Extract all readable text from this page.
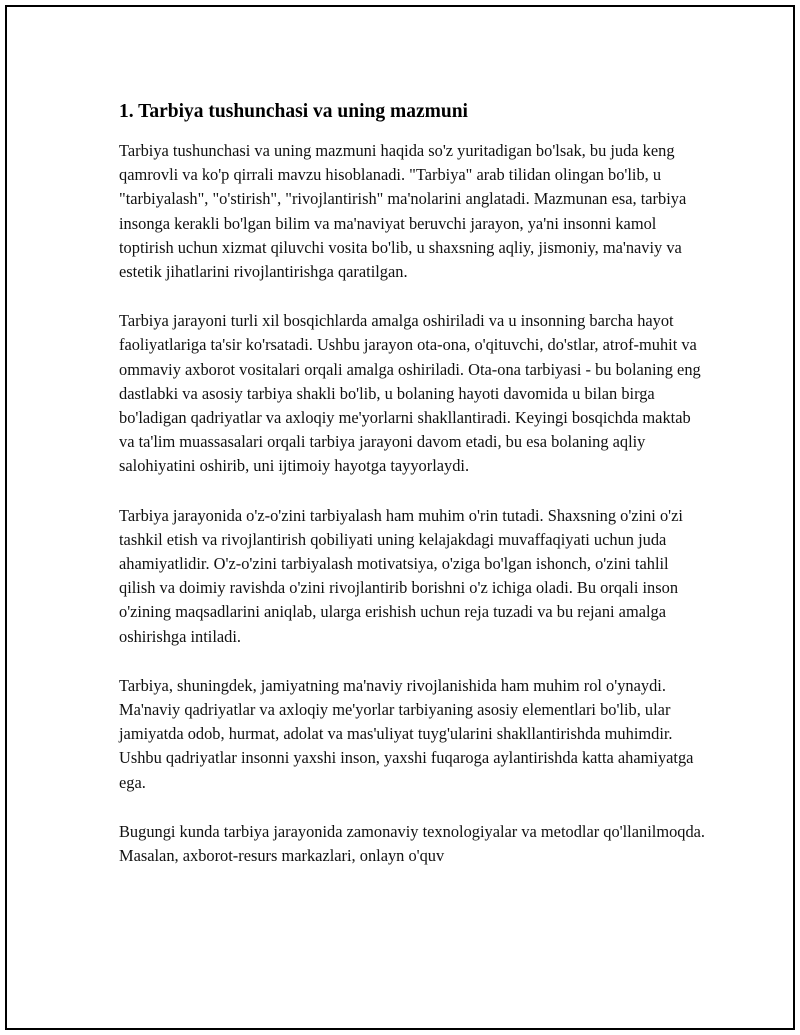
1. Tarbiya tushunchasi va uning mazmuni

Tarbiya tushunchasi va uning mazmuni haqida so'z yuritadigan bo'lsak, bu juda keng qamrovli va ko'p qirrali mavzu hisoblanadi. "Tarbiya" arab tilidan olingan bo'lib, u "tarbiyalash", "o'stirish", "rivojlantirish" ma'nolarini anglatadi. Mazmunan esa, tarbiya insonga kerakli bo'lgan bilim va ma'naviyat beruvchi jarayon, ya'ni insonni kamol toptirish uchun xizmat qiluvchi vosita bo'lib, u shaxsning aqliy, jismoniy, ma'naviy va estetik jihatlarini rivojlantirishga qaratilgan.

Tarbiya jarayoni turli xil bosqichlarda amalga oshiriladi va u insonning barcha hayot faoliyatlariga ta'sir ko'rsatadi. Ushbu jarayon ota-ona, o'qituvchi, do'stlar, atrof-muhit va ommaviy axborot vositalari orqali amalga oshiriladi. Ota-ona tarbiyasi - bu bolaning eng dastlabki va asosiy tarbiya shakli bo'lib, u bolaning hayoti davomida u bilan birga bo'ladigan qadriyatlar va axloqiy me'yorlarni shakllantiradi. Keyingi bosqichda maktab va ta'lim muassasalari orqali tarbiya jarayoni davom etadi, bu esa bolaning aqliy salohiyatini oshirib, uni ijtimoiy hayotga tayyorlaydi.

Tarbiya jarayonida o'z-o'zini tarbiyalash ham muhim o'rin tutadi. Shaxsning o'zini o'zi tashkil etish va rivojlantirish qobiliyati uning kelajakdagi muvaffaqiyati uchun juda ahamiyatlidir. O'z-o'zini tarbiyalash motivatsiya, o'ziga bo'lgan ishonch, o'zini tahlil qilish va doimiy ravishda o'zini rivojlantirib borishni o'z ichiga oladi. Bu orqali inson o'zining maqsadlarini aniqlab, ularga erishish uchun reja tuzadi va bu rejani amalga oshirishga intiladi.

Tarbiya, shuningdek, jamiyatning ma'naviy rivojlanishida ham muhim rol o'ynaydi. Ma'naviy qadriyatlar va axloqiy me'yorlar tarbiyaning asosiy elementlari bo'lib, ular jamiyatda odob, hurmat, adolat va mas'uliyat tuyg'ularini shakllantirishda muhimdir. Ushbu qadriyatlar insonni yaxshi inson, yaxshi fuqaroga aylantirishda katta ahamiyatga ega.

Bugungi kunda tarbiya jarayonida zamonaviy texnologiyalar va metodlar qo'llanilmoqda. Masalan, axborot-resurs markazlari, onlayn o'quv
